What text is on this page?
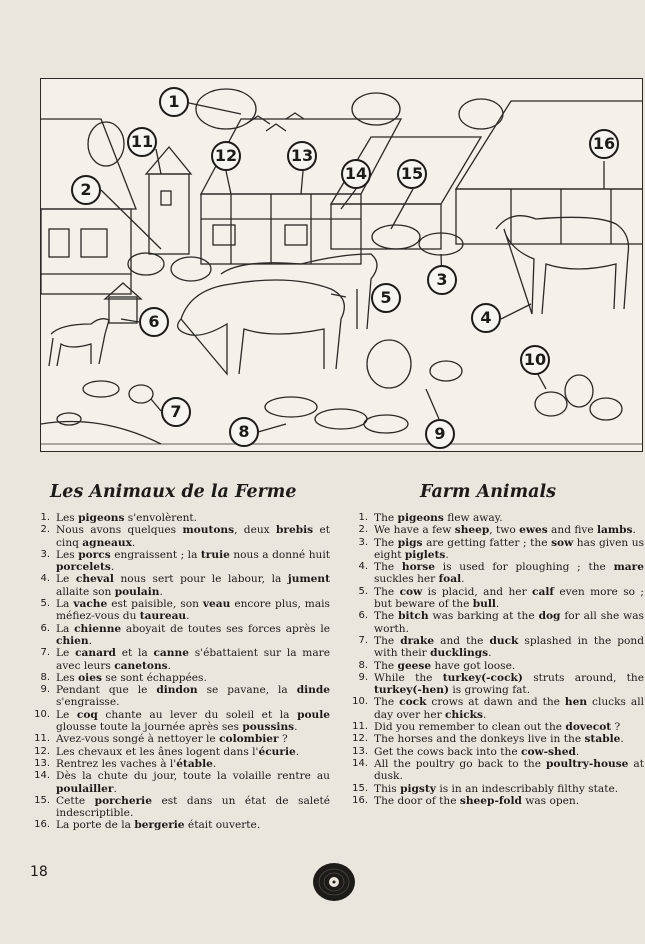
1
2
3
4
5
6
7
8	9
10
11
12	13
14 15
16
Les Animaux de la Ferme	Farm Animals
1. Les pigeons s'envolèrent.
2. Nous avons quelques moutons, deux brebis et cinq agneaux.
3. Les porcs engraissent ; la truie nous a donné huit porcelets.
4. Le cheval nous sert pour le labour, la jument allaite son poulain.
5. La vache est paisible, son veau encore plus, mais méfiez-vous du taureau.
6. La chienne aboyait de toutes ses forces après le chien.
7. Le canard et la canne s'ébattaient sur la mare avec leurs canetons.
8. Les oies se sont échappées.
9. Pendant que le dindon se pavane, la dinde s'engraisse.
10. Le coq chante au lever du soleil et la poule glousse toute la journée après ses poussins.
11. Avez-vous songé à nettoyer le colombier ?
12. Les chevaux et les ânes logent dans l'écurie.
13. Rentrez les vaches à l'étable.
14. Dès la chute du jour, toute la volaille rentre au poulailler.
15. Cette porcherie est dans un état de saleté indescriptible.
16. La porte de la bergerie était ouverte.
1. The pigeons flew away.
2. We have a few sheep, two ewes and five lambs.
3. The pigs are getting fatter ; the sow has given us eight piglets.
4. The horse is used for ploughing ; the mare suckles her foal.
5. The cow is placid, and her calf even more so ; but beware of the bull.
6. The bitch was barking at the dog for all she was worth.
7. The drake and the duck splashed in the pond with their ducklings.
8. The geese have got loose.
9. While the turkey(-cock) struts around, the turkey(-hen) is growing fat.
10. The cock crows at dawn and the hen clucks all day over her chicks.
11. Did you remember to clean out the dovecot ?
12. The horses and the donkeys live in the stable.
13. Get the cows back into the cow-shed.
14. All the poultry go back to the poultry-house at dusk.
15. This pigsty is in an indescribably filthy state.
16. The door of the sheep-fold was open.
18
